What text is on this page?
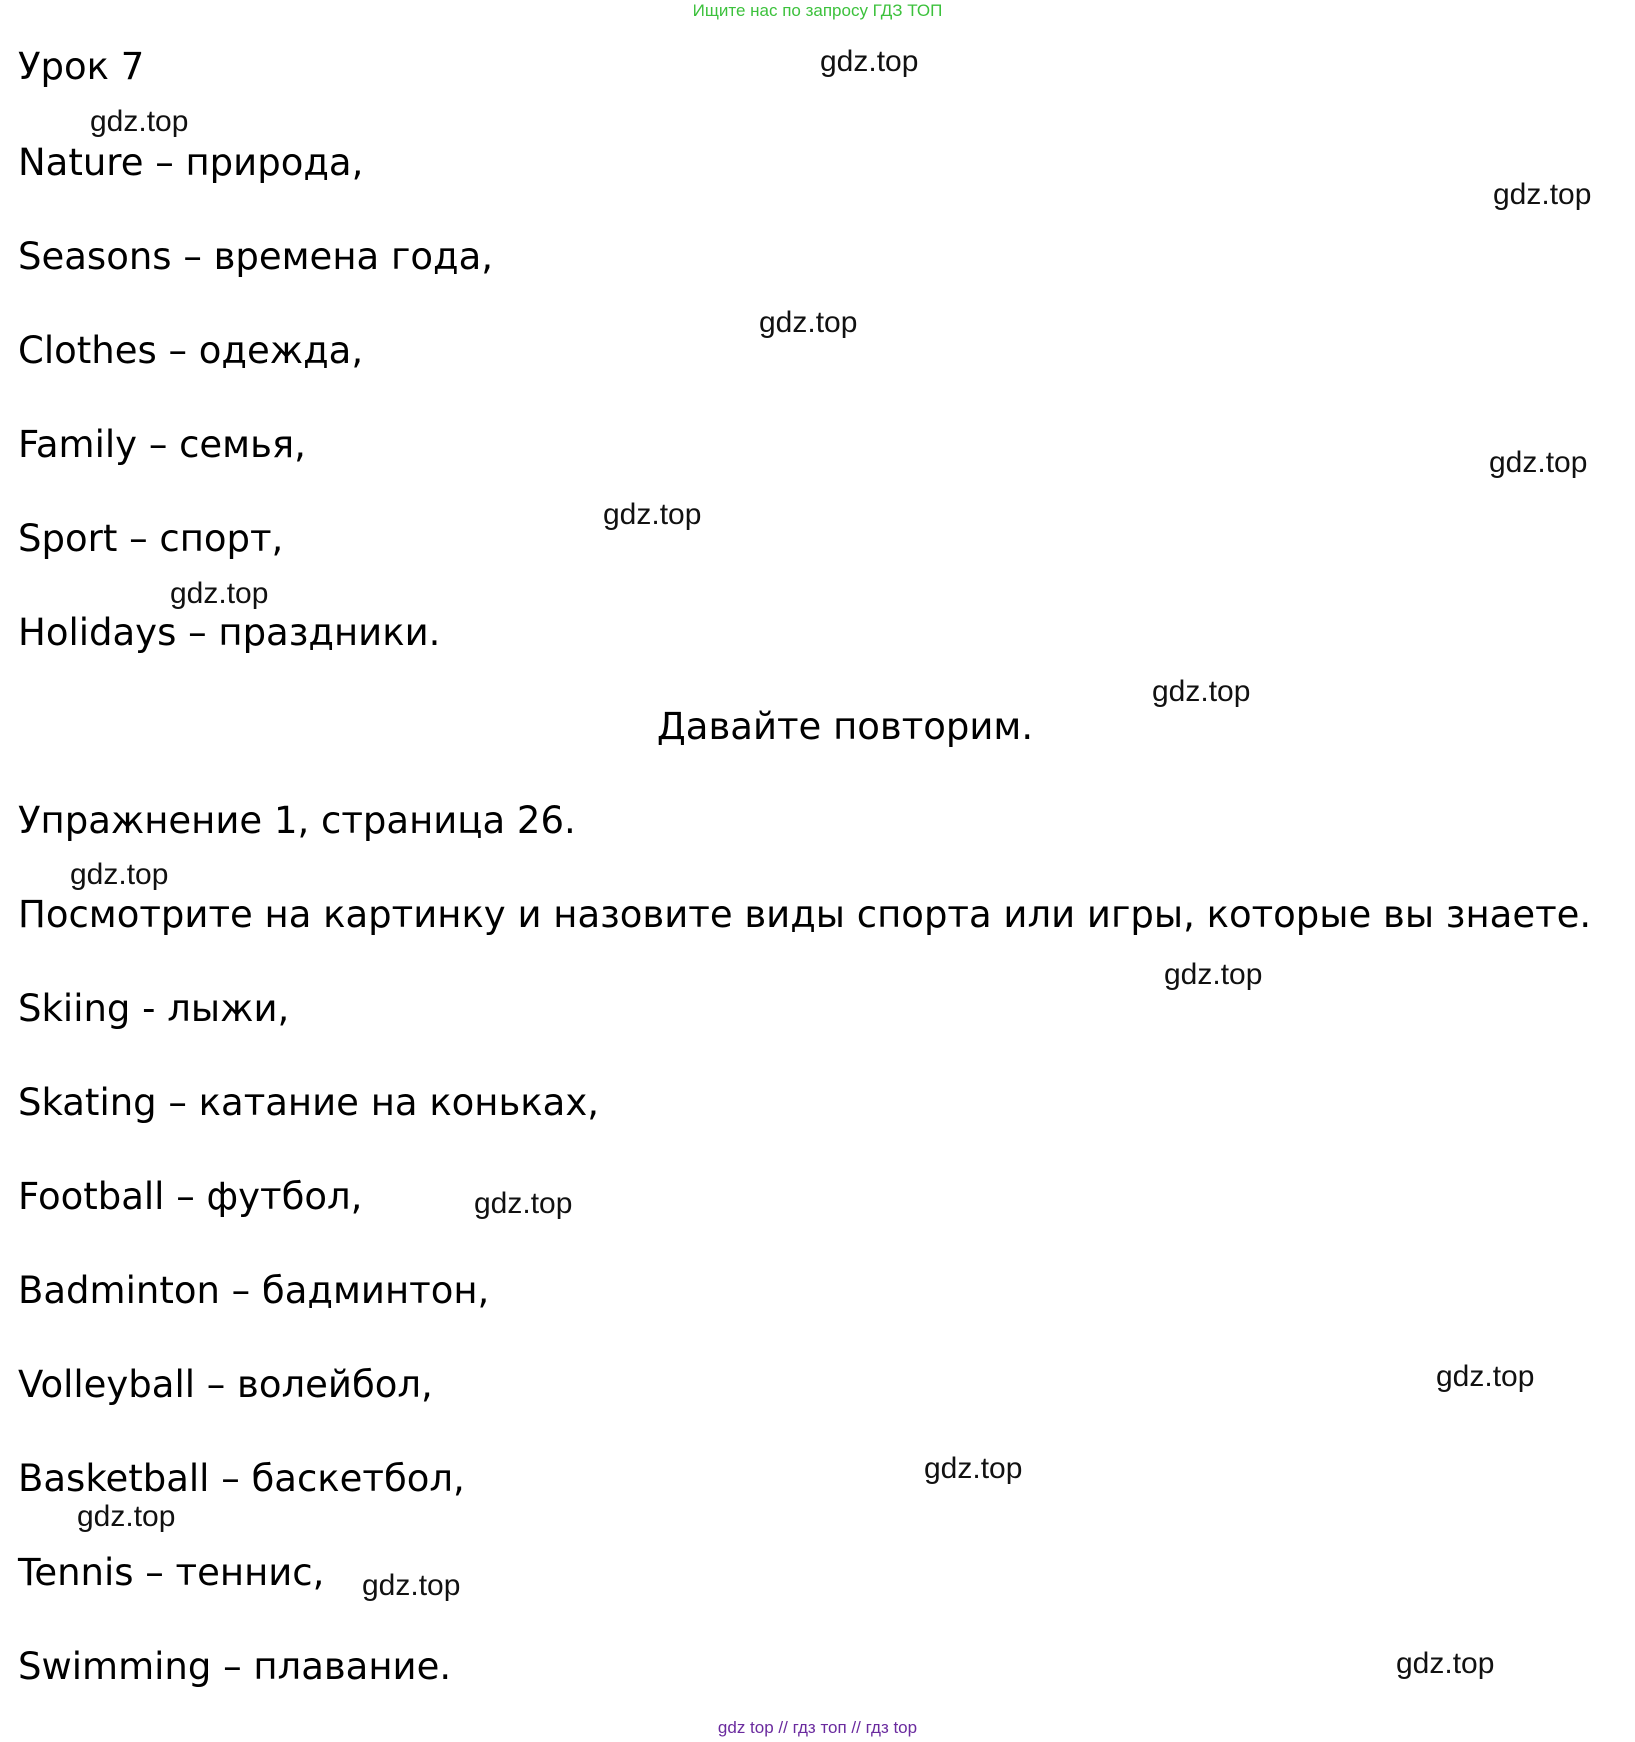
Ищите нас по запросу ГДЗ ТОП
Урок 7
Nature – природа,
Seasons – времена года,
Clothes – одежда,
Family – семья,
Sport – спорт,
Holidays – праздники.
Давайте повторим.
Упражнение 1, страница 26.
Посмотрите на картинку и назовите виды спорта или игры, которые вы знаете.
Skiing - лыжи,
Skating – катание на коньках,
Football – футбол,
Badminton – бадминтон,
Volleyball – волейбол,
Basketball – баскетбол,
Tennis – теннис,
Swimming – плавание.
gdz.top
gdz.top
gdz.top
gdz.top
gdz.top
gdz.top
gdz.top
gdz.top
gdz.top
gdz.top
gdz.top
gdz.top
gdz.top
gdz.top
gdz.top
gdz.top
gdz top // гдз топ // гдз top
